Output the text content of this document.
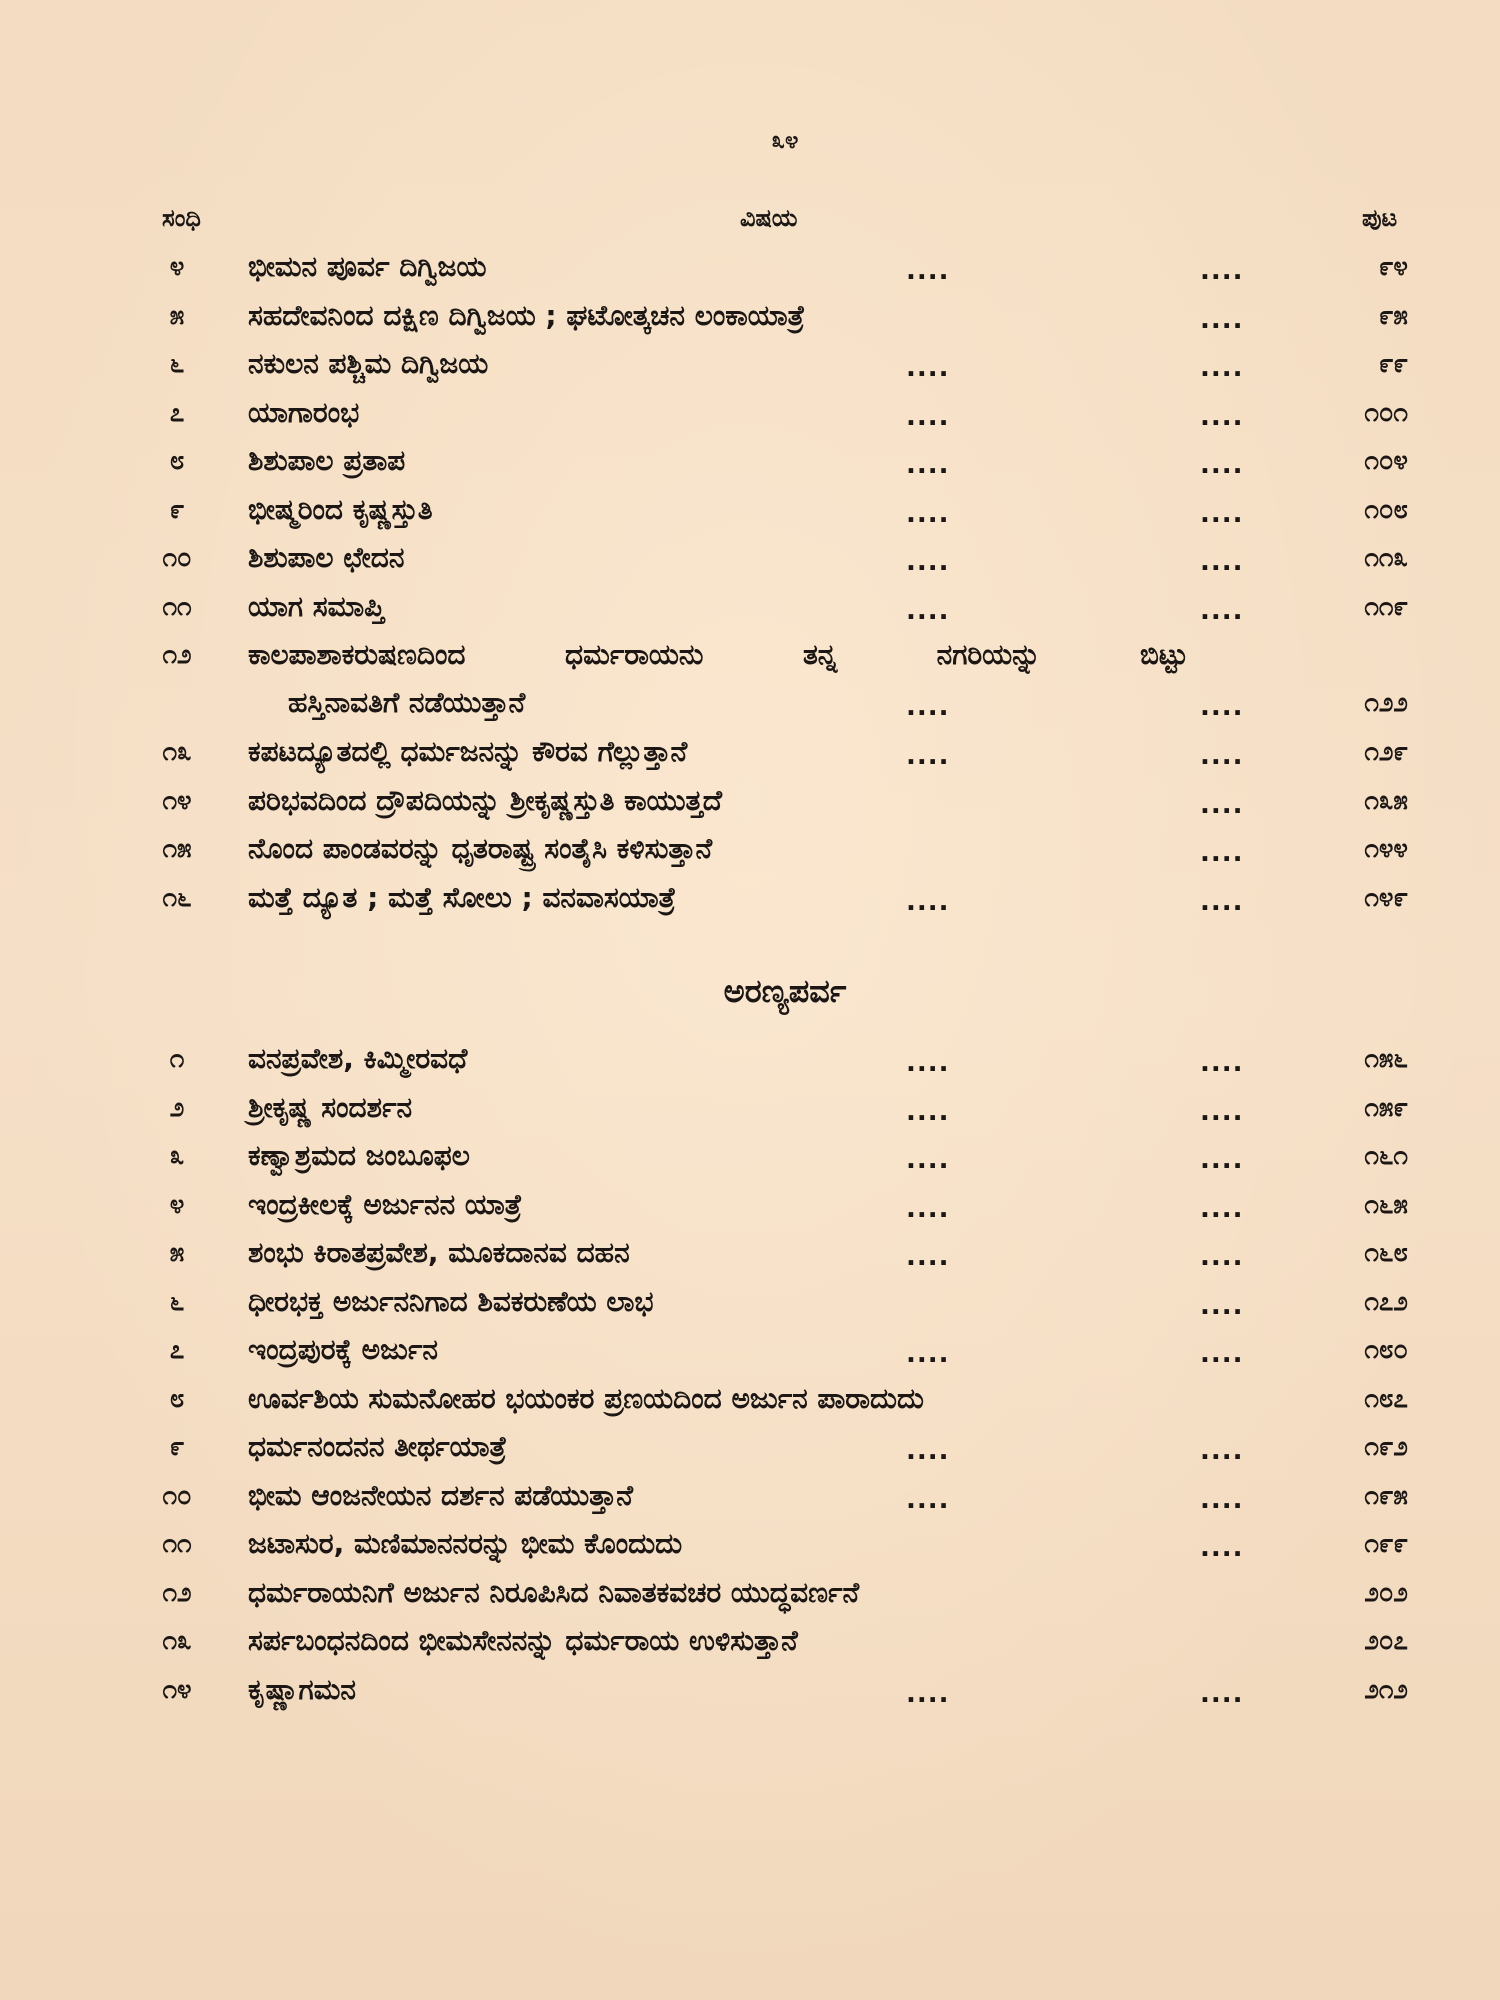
೩೪
ಸಂಧಿ	ವಿಷಯ	ಪುಟ
೪	ಭೀಮನ ಪೂರ್ವ ದಿಗ್ವಿಜಯ	....	....	೯೪
೫	ಸಹದೇವನಿಂದ ದಕ್ಷಿಣ ದಿಗ್ವಿಜಯ ; ಘಟೋತ್ಕಚನ ಲಂಕಾಯಾತ್ರೆ	....	೯೫
೬	ನಕುಲನ ಪಶ್ಚಿಮ ದಿಗ್ವಿಜಯ	....	....	೯೯
೭	ಯಾಗಾರಂಭ	....	....	೧೦೧
೮	ಶಿಶುಪಾಲ ಪ್ರತಾಪ	....	....	೧೦೪
೯	ಭೀಷ್ಮರಿಂದ ಕೃಷ್ಣಸ್ತುತಿ	....	....	೧೦೮
೧೦	ಶಿಶುಪಾಲ ಛೇದನ	....	....	೧೧೩
೧೧	ಯಾಗ ಸಮಾಪ್ತಿ	....	....	೧೧೯
೧೨	ಕಾಲಪಾಶಾಕರುಷಣದಿಂದ	ಧರ್ಮರಾಯನು	ತನ್ನ	ನಗರಿಯನ್ನು	ಬಿಟ್ಟು
ಹಸ್ತಿನಾವತಿಗೆ ನಡೆಯುತ್ತಾನೆ	....	....	೧೨೨
೧೩	ಕಪಟದ್ಯೂತದಲ್ಲಿ ಧರ್ಮಜನನ್ನು ಕೌರವ ಗೆಲ್ಲುತ್ತಾನೆ	....	....	೧೨೯
೧೪	ಪರಿಭವದಿಂದ ದ್ರೌಪದಿಯನ್ನು ಶ್ರೀಕೃಷ್ಣಸ್ತುತಿ ಕಾಯುತ್ತದೆ	....	೧೩೫
೧೫	ನೊಂದ ಪಾಂಡವರನ್ನು ಧೃತರಾಷ್ಟ್ರ ಸಂತೈಸಿ ಕಳಿಸುತ್ತಾನೆ	....	೧೪೪
೧೬	ಮತ್ತೆ ದ್ಯೂತ ; ಮತ್ತೆ ಸೋಲು ; ವನವಾಸಯಾತ್ರೆ	....	....	೧೪೯
ಅರಣ್ಯಪರ್ವ
೧	ವನಪ್ರವೇಶ, ಕಿಮ್ಮೀರವಧೆ	....	....	೧೫೬
೨	ಶ್ರೀಕೃಷ್ಣ ಸಂದರ್ಶನ	....	....	೧೫೯
೩	ಕಣ್ವಾಶ್ರಮದ ಜಂಬೂಫಲ	....	....	೧೬೧
೪	ಇಂದ್ರಕೀಲಕ್ಕೆ ಅರ್ಜುನನ ಯಾತ್ರೆ	....	....	೧೬೫
೫	ಶಂಭು ಕಿರಾತಪ್ರವೇಶ, ಮೂಕದಾನವ ದಹನ	....	....	೧೬೮
೬	ಧೀರಭಕ್ತ ಅರ್ಜುನನಿಗಾದ ಶಿವಕರುಣೆಯ ಲಾಭ	....	೧೭೨
೭	ಇಂದ್ರಪುರಕ್ಕೆ ಅರ್ಜುನ	....	....	೧೮೦
೮	ಊರ್ವಶಿಯ ಸುಮನೋಹರ ಭಯಂಕರ ಪ್ರಣಯದಿಂದ ಅರ್ಜುನ ಪಾರಾದುದು	೧೮೭
೯	ಧರ್ಮನಂದನನ ತೀರ್ಥಯಾತ್ರೆ	....	....	೧೯೨
೧೦	ಭೀಮ ಆಂಜನೇಯನ ದರ್ಶನ ಪಡೆಯುತ್ತಾನೆ	....	....	೧೯೫
೧೧	ಜಟಾಸುರ, ಮಣಿಮಾನನರನ್ನು ಭೀಮ ಕೊಂದುದು	....	೧೯೯
೧೨	ಧರ್ಮರಾಯನಿಗೆ ಅರ್ಜುನ ನಿರೂಪಿಸಿದ ನಿವಾತಕವಚರ ಯುದ್ಧವರ್ಣನೆ	೨೦೨
೧೩	ಸರ್ಪಬಂಧನದಿಂದ ಭೀಮಸೇನನನ್ನು ಧರ್ಮರಾಯ ಉಳಿಸುತ್ತಾನೆ	೨೦೭
೧೪	ಕೃಷ್ಣಾಗಮನ	....	....	೨೧೨
